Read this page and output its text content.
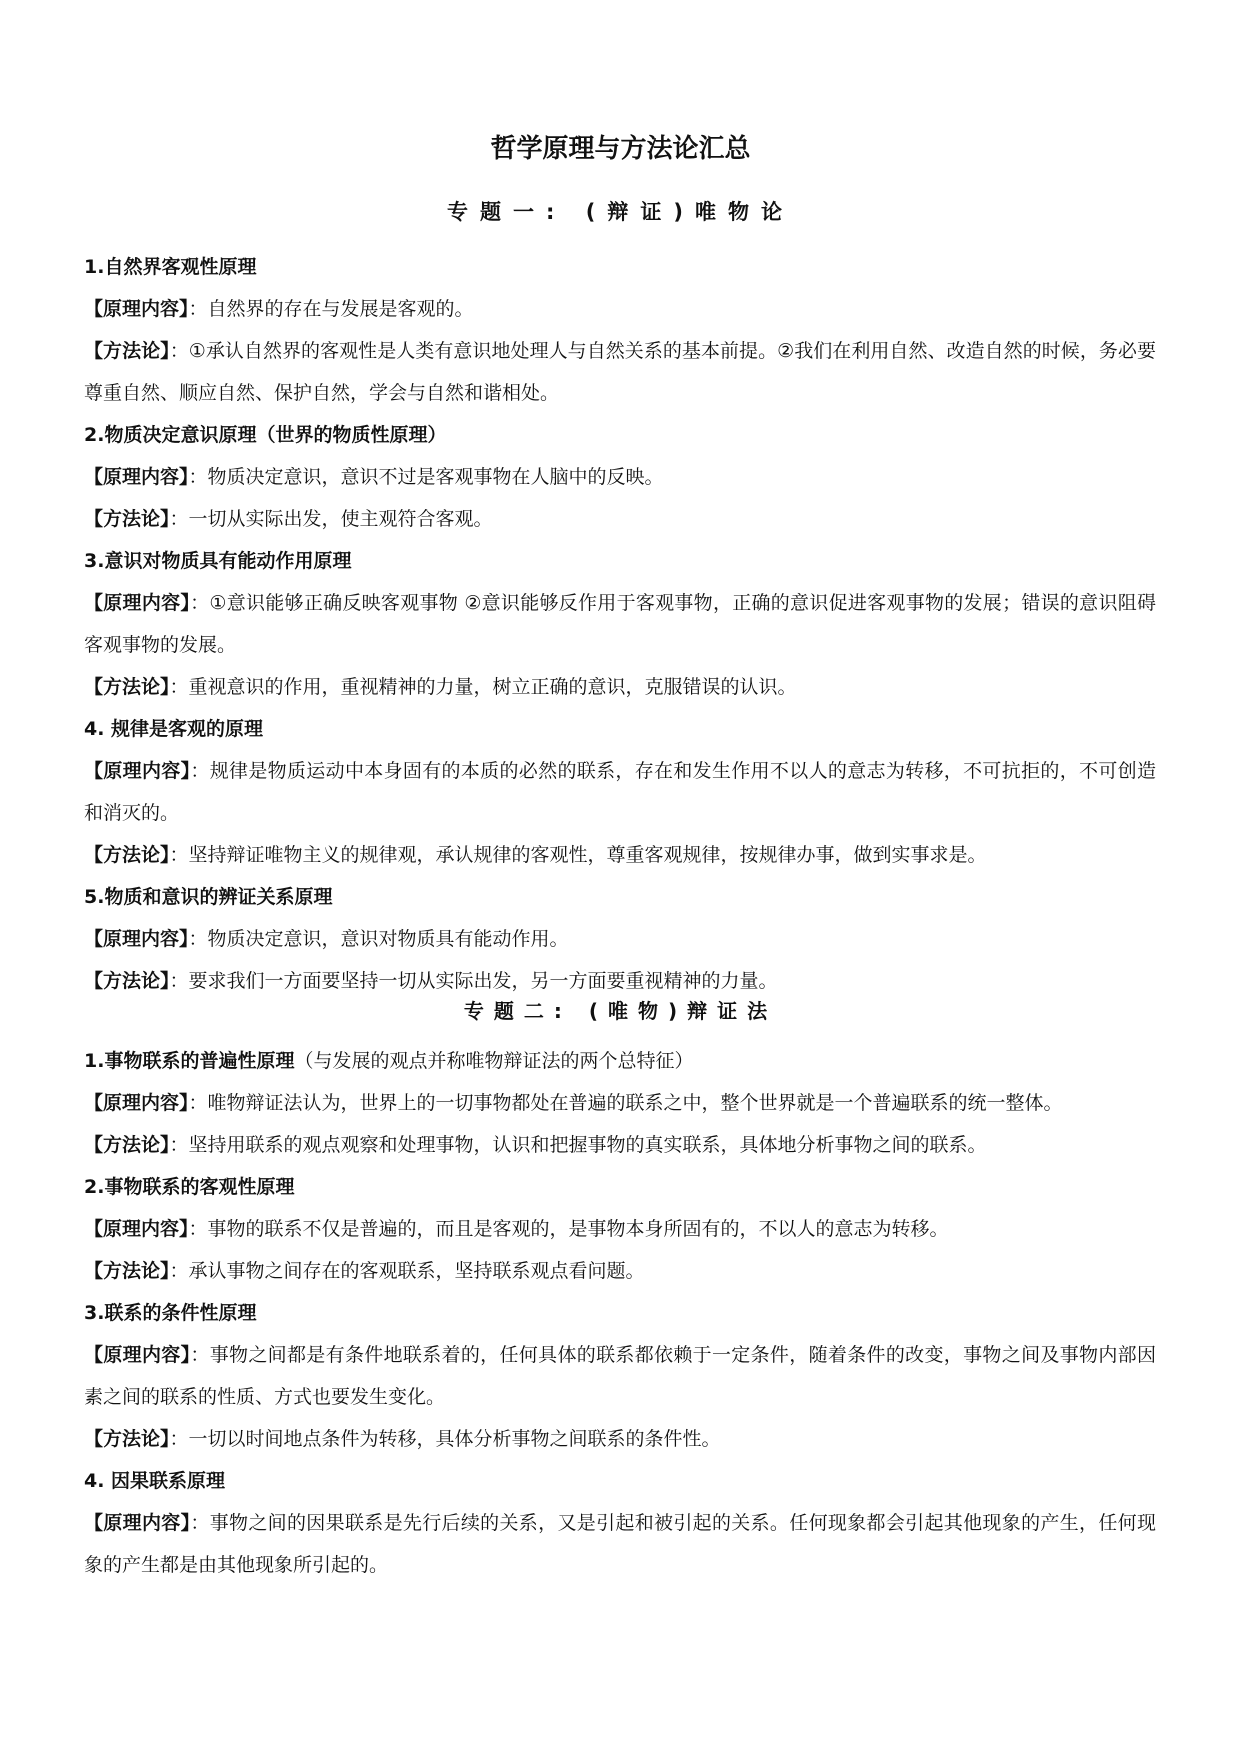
哲学原理与方法论汇总
专题一: (辩证)唯物论

1.自然界客观性原理

【原理内容】：自然界的存在与发展是客观的。

【方法论】：①承认自然界的客观性是人类有意识地处理人与自然关系的基本前提。②我们在利用自然、改造自然的时候，务必要尊重自然、顺应自然、保护自然，学会与自然和谐相处。

2.物质决定意识原理（世界的物质性原理）

【原理内容】：物质决定意识，意识不过是客观事物在人脑中的反映。

【方法论】：一切从实际出发，使主观符合客观。

3.意识对物质具有能动作用原理

【原理内容】：①意识能够正确反映客观事物 ②意识能够反作用于客观事物，正确的意识促进客观事物的发展；错误的意识阻碍客观事物的发展。

【方法论】：重视意识的作用，重视精神的力量，树立正确的意识，克服错误的认识。

4. 规律是客观的原理

【原理内容】：规律是物质运动中本身固有的本质的必然的联系，存在和发生作用不以人的意志为转移，不可抗拒的，不可创造和消灭的。

【方法论】：坚持辩证唯物主义的规律观，承认规律的客观性，尊重客观规律，按规律办事，做到实事求是。

5.物质和意识的辨证关系原理

【原理内容】：物质决定意识，意识对物质具有能动作用。

【方法论】：要求我们一方面要坚持一切从实际出发，另一方面要重视精神的力量。

专题二: (唯物)辩证法

1.事物联系的普遍性原理（与发展的观点并称唯物辩证法的两个总特征）

【原理内容】：唯物辩证法认为，世界上的一切事物都处在普遍的联系之中，整个世界就是一个普遍联系的统一整体。

【方法论】：坚持用联系的观点观察和处理事物，认识和把握事物的真实联系，具体地分析事物之间的联系。

2.事物联系的客观性原理

【原理内容】：事物的联系不仅是普遍的，而且是客观的，是事物本身所固有的，不以人的意志为转移。

【方法论】：承认事物之间存在的客观联系，坚持联系观点看问题。

3.联系的条件性原理

【原理内容】：事物之间都是有条件地联系着的，任何具体的联系都依赖于一定条件，随着条件的改变，事物之间及事物内部因素之间的联系的性质、方式也要发生变化。

【方法论】：一切以时间地点条件为转移，具体分析事物之间联系的条件性。

4. 因果联系原理

【原理内容】：事物之间的因果联系是先行后续的关系，又是引起和被引起的关系。任何现象都会引起其他现象的产生，任何现象的产生都是由其他现象所引起的。
